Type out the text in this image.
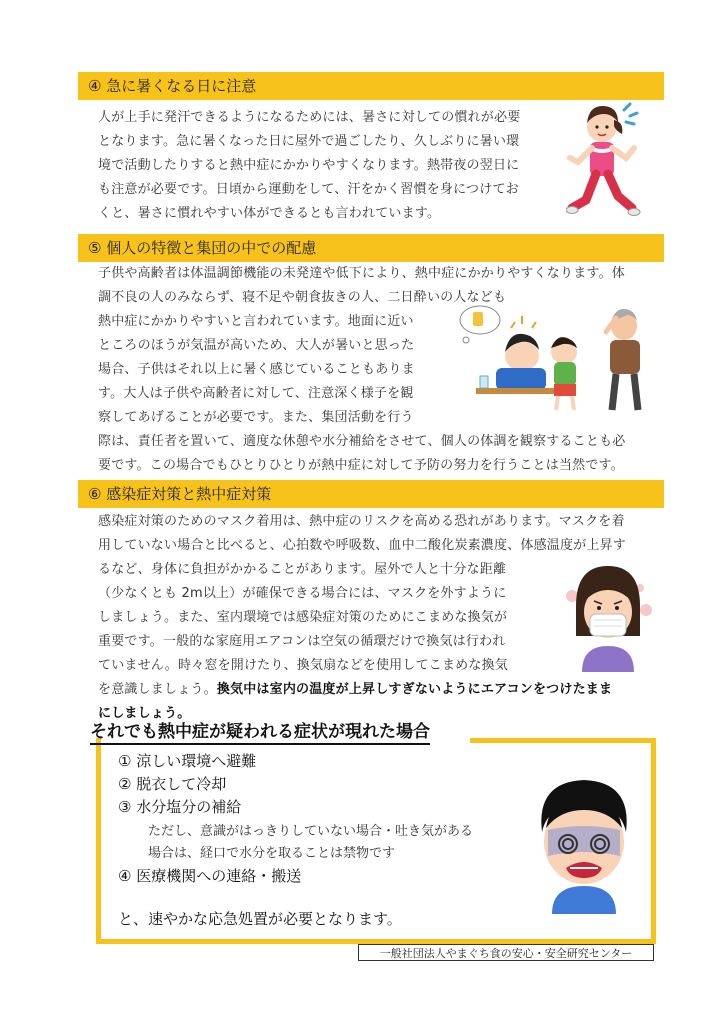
④ 急に暑くなる日に注意
人が上手に発汗できるようになるためには、暑さに対しての慣れが必要
となります。急に暑くなった日に屋外で過ごしたり、久しぶりに暑い環
境で活動したりすると熱中症にかかりやすくなります。熱帯夜の翌日に
も注意が必要です。日頃から運動をして、汗をかく習慣を身につけてお
くと、暑さに慣れやすい体ができるとも言われています。
⑤ 個人の特徴と集団の中での配慮
子供や高齢者は体温調節機能の未発達や低下により、熱中症にかかりやすくなります。体
調不良の人のみならず、寝不足や朝食抜きの人、二日酔いの人なども
熱中症にかかりやすいと言われています。地面に近い
ところのほうが気温が高いため、大人が暑いと思った
場合、子供はそれ以上に暑く感じていることもありま
す。大人は子供や高齢者に対して、注意深く様子を観
察してあげることが必要です。また、集団活動を行う
際は、責任者を置いて、適度な休憩や水分補給をさせて、個人の体調を観察することも必
要です。この場合でもひとりひとりが熱中症に対して予防の努力を行うことは当然です。
⑥ 感染症対策と熱中症対策
感染症対策のためのマスク着用は、熱中症のリスクを高める恐れがあります。マスクを着
用していない場合と比べると、心拍数や呼吸数、血中二酸化炭素濃度、体感温度が上昇す
るなど、身体に負担がかかることがあります。屋外で人と十分な距離
（少なくとも 2m以上）が確保できる場合には、マスクを外すように
しましょう。また、室内環境では感染症対策のためにこまめな換気が
重要です。一般的な家庭用エアコンは空気の循環だけで換気は行われ
ていません。時々窓を開けたり、換気扇などを使用してこまめな換気
を意識しましょう。換気中は室内の温度が上昇しすぎないようにエアコンをつけたまま
にしましょう。
それでも熱中症が疑われる症状が現れた場合
① 涼しい環境へ避難
② 脱衣して冷却
③ 水分塩分の補給
ただし、意識がはっきりしていない場合・吐き気がある
場合は、経口で水分を取ることは禁物です
④ 医療機関への連絡・搬送
と、速やかな応急処置が必要となります。
一般社団法人やまぐち食の安心・安全研究センター
